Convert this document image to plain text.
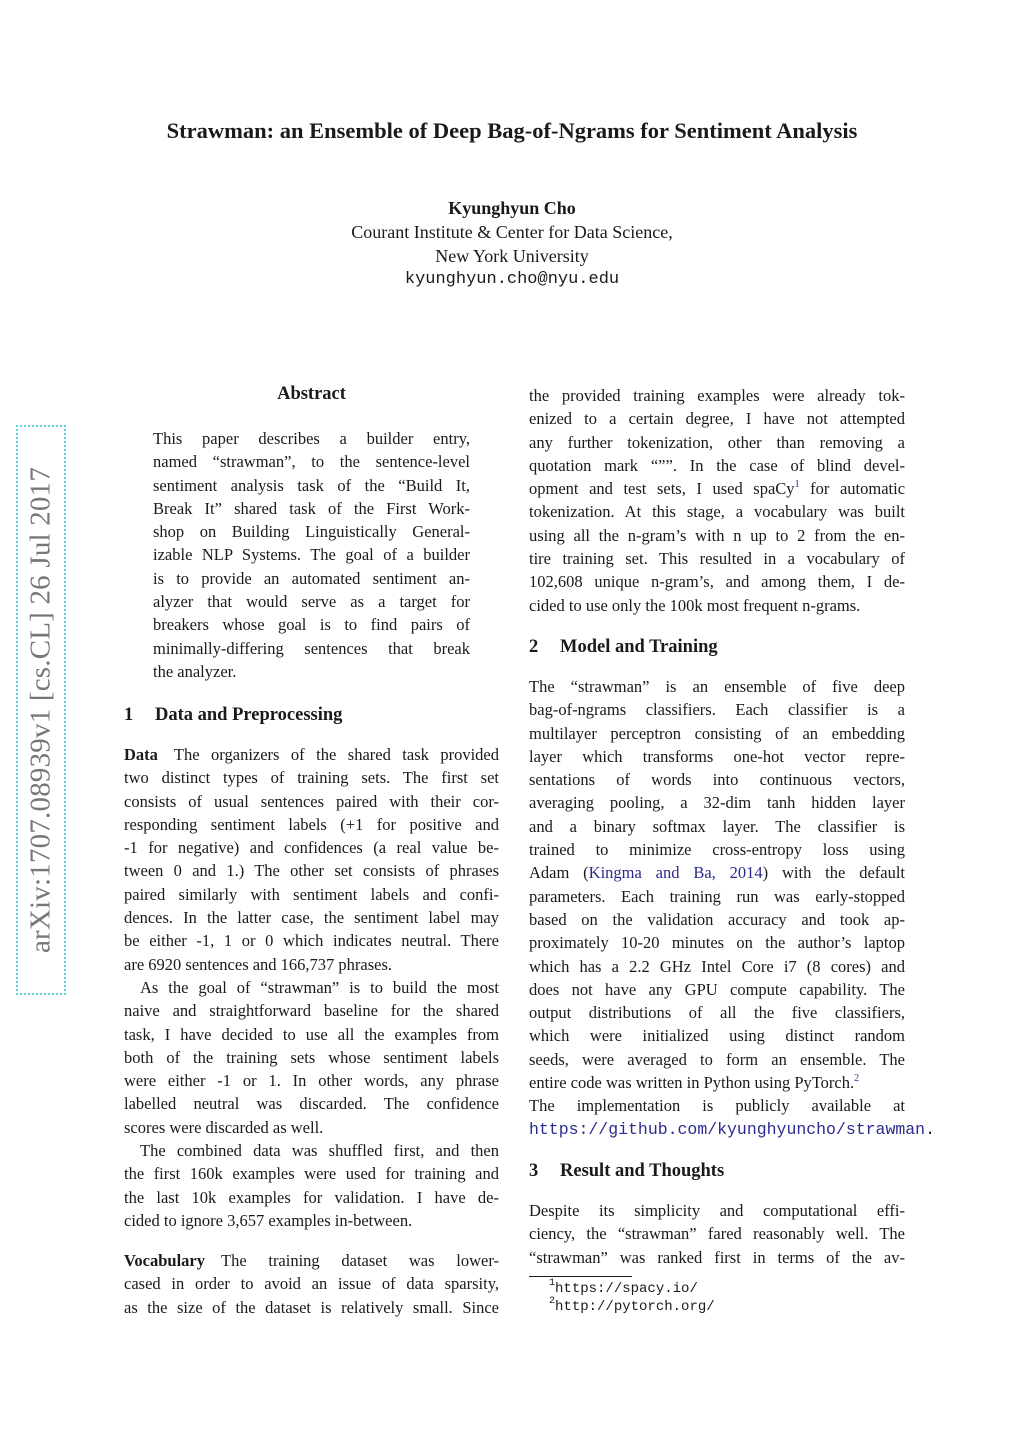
Strawman: an Ensemble of Deep Bag-of-Ngrams for Sentiment Analysis
Kyunghyun Cho
Courant Institute & Center for Data Science,
New York University
kyunghyun.cho@nyu.edu
arXiv:1707.08939v1 [cs.CL] 26 Jul 2017
Abstract
This paper describes a builder entry,
named “strawman”, to the sentence-level
sentiment analysis task of the “Build It,
Break It” shared task of the First Work-
shop on Building Linguistically General-
izable NLP Systems. The goal of a builder
is to provide an automated sentiment an-
alyzer that would serve as a target for
breakers whose goal is to find pairs of
minimally-differing sentences that break
the analyzer.
1 Data and Preprocessing
Data The organizers of the shared task provided
two distinct types of training sets. The first set
consists of usual sentences paired with their cor-
responding sentiment labels (+1 for positive and
-1 for negative) and confidences (a real value be-
tween 0 and 1.) The other set consists of phrases
paired similarly with sentiment labels and confi-
dences. In the latter case, the sentiment label may
be either -1, 1 or 0 which indicates neutral. There
are 6920 sentences and 166,737 phrases.
As the goal of “strawman” is to build the most
naive and straightforward baseline for the shared
task, I have decided to use all the examples from
both of the training sets whose sentiment labels
were either -1 or 1. In other words, any phrase
labelled neutral was discarded. The confidence
scores were discarded as well.
The combined data was shuffled first, and then
the first 160k examples were used for training and
the last 10k examples for validation. I have de-
cided to ignore 3,657 examples in-between.
Vocabulary The training dataset was lower-
cased in order to avoid an issue of data sparsity,
as the size of the dataset is relatively small. Since
the provided training examples were already tok-
enized to a certain degree, I have not attempted
any further tokenization, other than removing a
quotation mark “””. In the case of blind devel-
opment and test sets, I used spaCy$^1$ for automatic
tokenization. At this stage, a vocabulary was built
using all the n-gram’s with n up to 2 from the en-
tire training set. This resulted in a vocabulary of
102,608 unique n-gram’s, and among them, I de-
cided to use only the 100k most frequent n-grams.
2 Model and Training
The “strawman” is an ensemble of five deep
bag-of-ngrams classifiers. Each classifier is a
multilayer perceptron consisting of an embedding
layer which transforms one-hot vector repre-
sentations of words into continuous vectors,
averaging pooling, a 32-dim tanh hidden layer
and a binary softmax layer. The classifier is
trained to minimize cross-entropy loss using
Adam (Kingma and Ba, 2014) with the default
parameters. Each training run was early-stopped
based on the validation accuracy and took ap-
proximately 10-20 minutes on the author’s laptop
which has a 2.2 GHz Intel Core i7 (8 cores) and
does not have any GPU compute capability. The
output distributions of all the five classifiers,
which were initialized using distinct random
seeds, were averaged to form an ensemble. The
entire code was written in Python using PyTorch.$^2$
The implementation is publicly available at
https://github.com/kyunghyuncho/strawman.
3 Result and Thoughts
Despite its simplicity and computational effi-
ciency, the “strawman” fared reasonably well. The
“strawman” was ranked first in terms of the av-
$^1$https://spacy.io/
$^2$http://pytorch.org/
